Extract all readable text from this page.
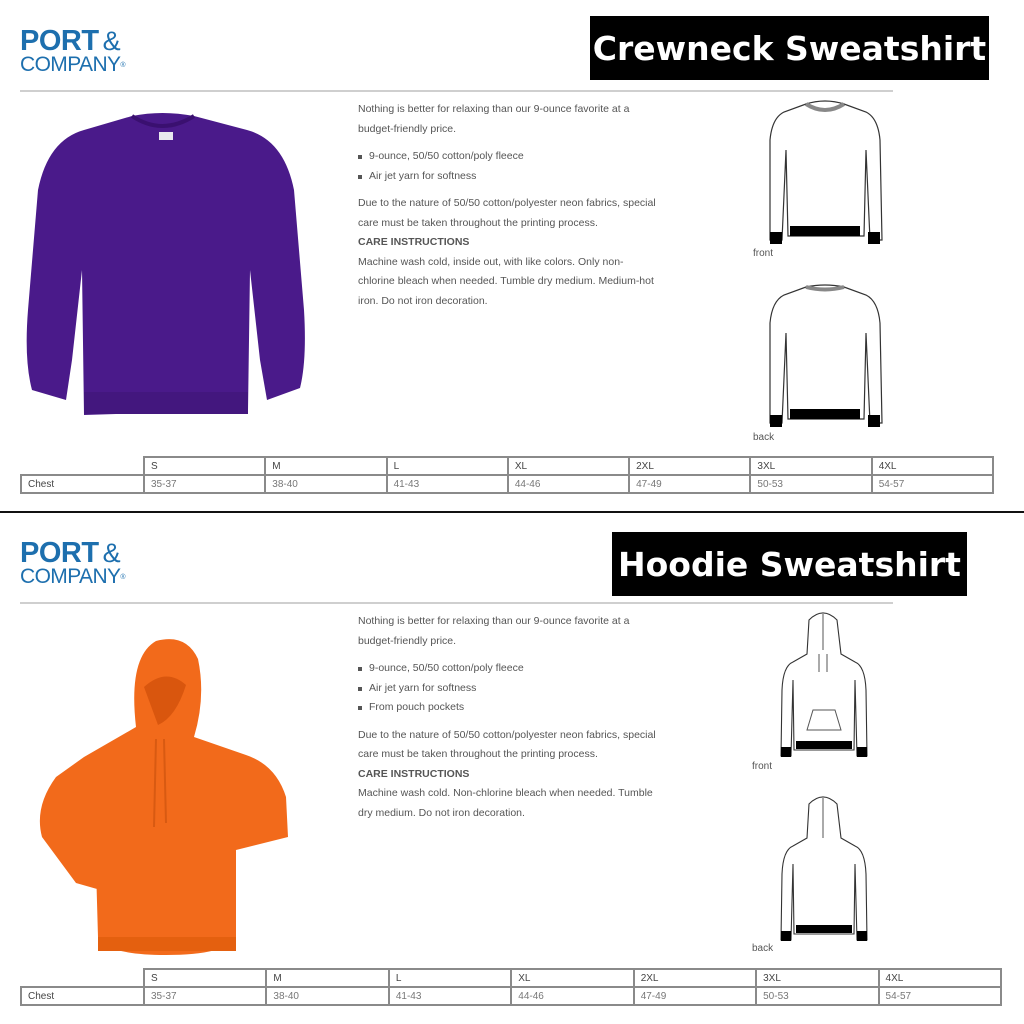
PORT &
COMPANY®	Crewneck Sweatshirt

Nothing is better for relaxing than our 9-ounce favorite at a budget-friendly price.

9-ounce, 50/50 cotton/poly fleece
Air jet yarn for softness

Due to the nature of 50/50 cotton/polyester neon fabrics, special care must be taken throughout the printing process.

CARE INSTRUCTIONS

Machine wash cold, inside out, with like colors. Only non-chlorine bleach when needed. Tumble dry medium. Medium-hot iron. Do not iron decoration.

front
back
	S	M	L	XL	2XL	3XL	4XL
Chest	35-37	38-40	41-43	44-46	47-49	50-53	54-57
PORT &
COMPANY®	Hoodie Sweatshirt

Nothing is better for relaxing than our 9-ounce favorite at a budget-friendly price.

9-ounce, 50/50 cotton/poly fleece
Air jet yarn for softness
From pouch pockets

Due to the nature of 50/50 cotton/polyester neon fabrics, special care must be taken throughout the printing process.

CARE INSTRUCTIONS

Machine wash cold. Non-chlorine bleach when needed. Tumble dry medium. Do not iron decoration.

front
back
	S	M	L	XL	2XL	3XL	4XL
Chest	35-37	38-40	41-43	44-46	47-49	50-53	54-57
